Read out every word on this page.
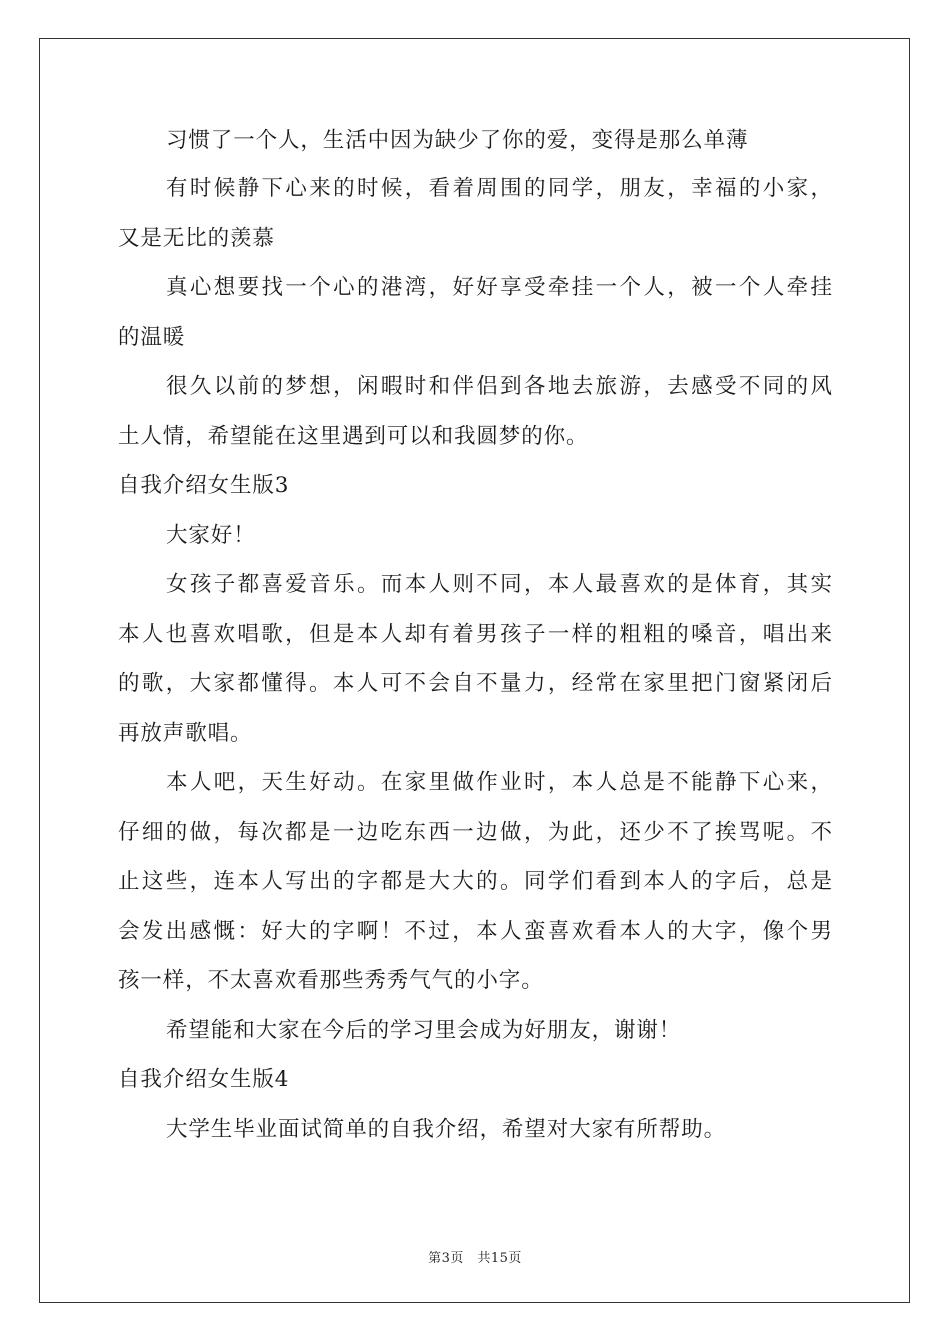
习惯了一个人，生活中因为缺少了你的爱，变得是那么单薄
有时候静下心来的时候，看着周围的同学，朋友，幸福的小家，
又是无比的羡慕
真心想要找一个心的港湾，好好享受牵挂一个人，被一个人牵挂
的温暖
很久以前的梦想，闲暇时和伴侣到各地去旅游，去感受不同的风
土人情，希望能在这里遇到可以和我圆梦的你。
自我介绍女生版3
大家好！
女孩子都喜爱音乐。而本人则不同，本人最喜欢的是体育，其实
本人也喜欢唱歌，但是本人却有着男孩子一样的粗粗的嗓音，唱出来
的歌，大家都懂得。本人可不会自不量力，经常在家里把门窗紧闭后
再放声歌唱。
本人吧，天生好动。在家里做作业时，本人总是不能静下心来，
仔细的做，每次都是一边吃东西一边做，为此，还少不了挨骂呢。不
止这些，连本人写出的字都是大大的。同学们看到本人的字后，总是
会发出感慨：好大的字啊！不过，本人蛮喜欢看本人的大字，像个男
孩一样，不太喜欢看那些秀秀气气的小字。
希望能和大家在今后的学习里会成为好朋友，谢谢！
自我介绍女生版4
大学生毕业面试简单的自我介绍，希望对大家有所帮助。
第3页　共15页
